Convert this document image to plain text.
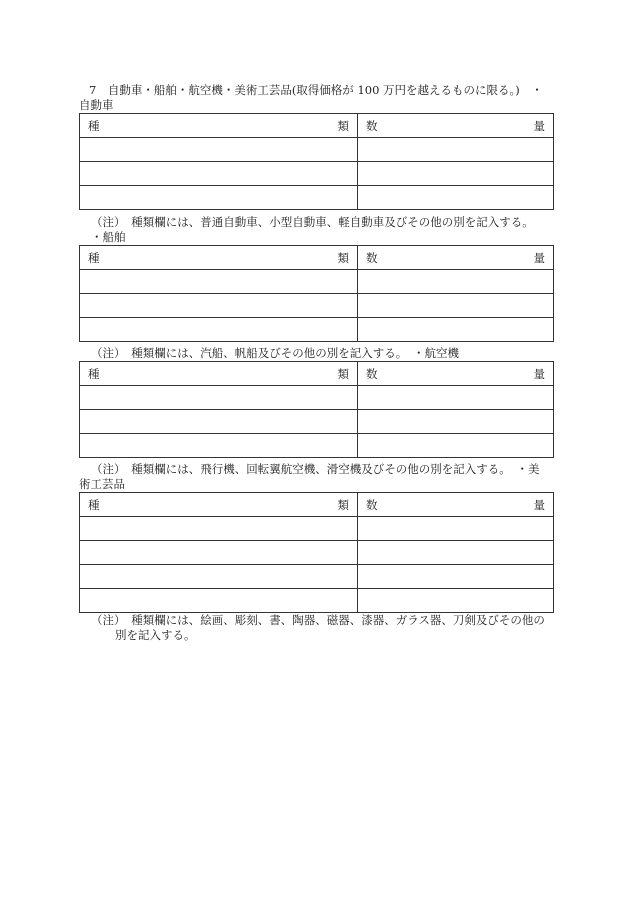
7　自動車・船舶・航空機・美術工芸品(取得価格が 100 万円を越えるものに限る。)　・
自動車
種 類	数 量

（注）　種類欄には、普通自動車、小型自動車、軽自動車及びその他の別を記入する。
・船舶
種 類	数 量

（注）　種類欄には、汽船、帆船及びその他の別を記入する。　・航空機
種 類	数 量

（注）　種類欄には、飛行機、回転翼航空機、滑空機及びその他の別を記入する。　・美
術工芸品
種 類	数 量

（注）　種類欄には、絵画、彫刻、書、陶器、磁器、漆器、ガラス器、刀剣及びその他の
別を記入する。
